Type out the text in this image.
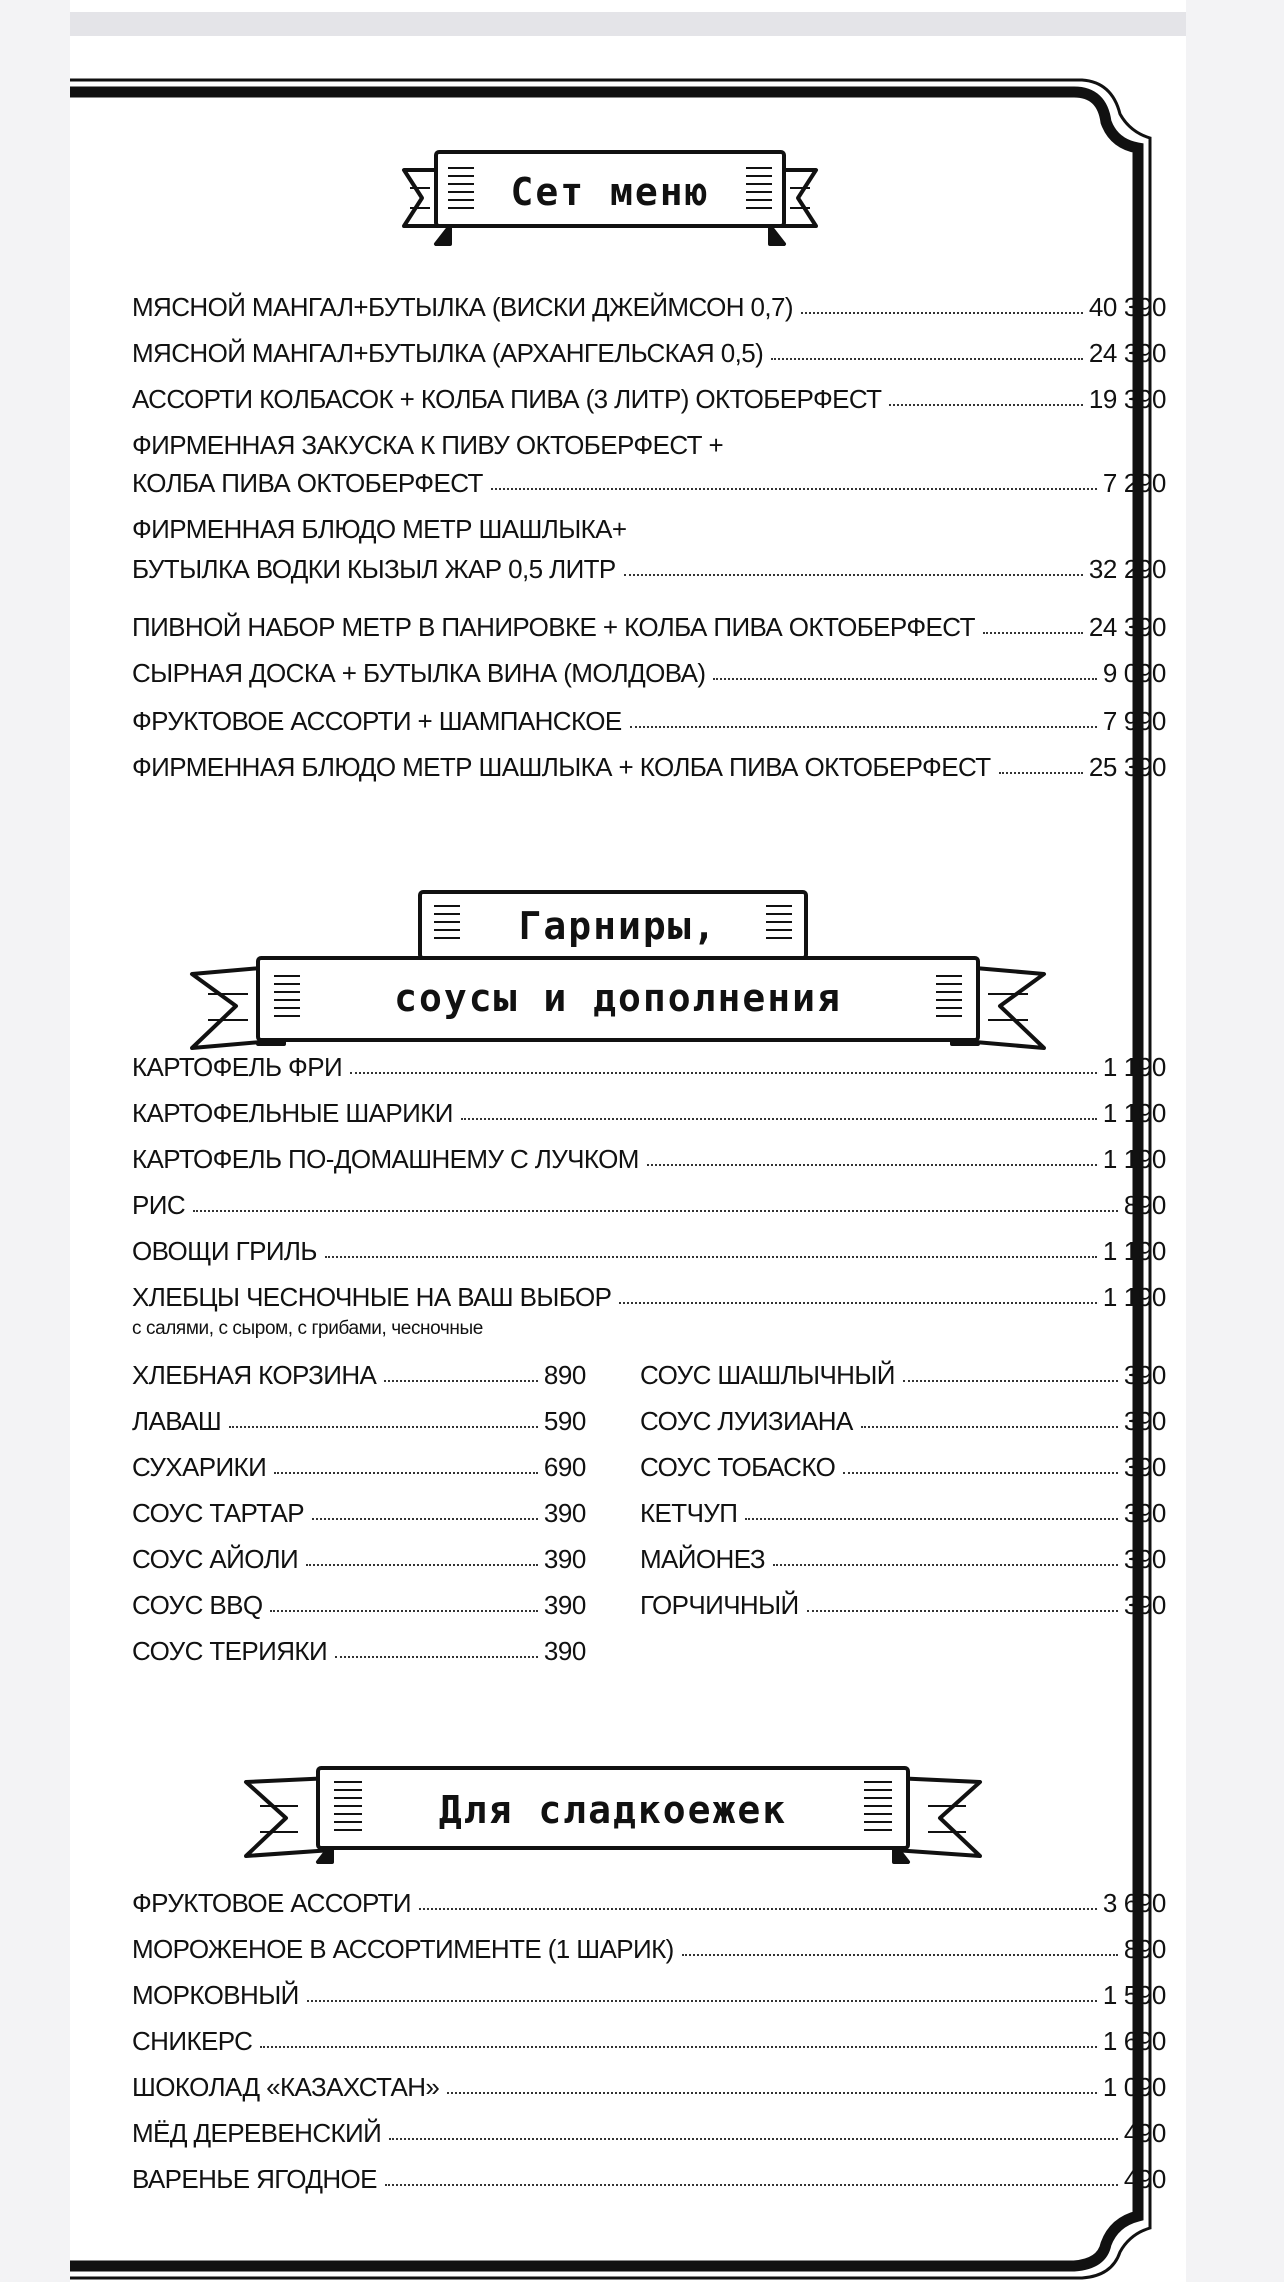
Сет меню
МЯСНОЙ МАНГАЛ+БУТЫЛКА (ВИСКИ ДЖЕЙМСОН 0,7)	40 390
МЯСНОЙ МАНГАЛ+БУТЫЛКА (АРХАНГЕЛЬСКАЯ 0,5)	24 390
АССОРТИ КОЛБАСОК + КОЛБА ПИВА (3 ЛИТР) ОКТОБЕРФЕСТ	19 390
ФИРМЕННАЯ ЗАКУСКА К ПИВУ ОКТОБЕРФЕСТ +
КОЛБА ПИВА ОКТОБЕРФЕСТ	7 290
ФИРМЕННАЯ БЛЮДО МЕТР ШАШЛЫКА+
БУТЫЛКА ВОДКИ КЫЗЫЛ ЖАР 0,5 ЛИТР	32 290
ПИВНОЙ НАБОР МЕТР В ПАНИРОВКЕ + КОЛБА ПИВА ОКТОБЕРФЕСТ	24 390
СЫРНАЯ ДОСКА + БУТЫЛКА ВИНА (МОЛДОВА)	9 090
ФРУКТОВОЕ АССОРТИ + ШАМПАНСКОЕ	7 990
ФИРМЕННАЯ БЛЮДО МЕТР ШАШЛЫКА + КОЛБА ПИВА ОКТОБЕРФЕСТ	25 390
Гарниры,
соусы и дополнения
КАРТОФЕЛЬ ФРИ	1 190
КАРТОФЕЛЬНЫЕ ШАРИКИ	1 190
КАРТОФЕЛЬ ПО-ДОМАШНЕМУ С ЛУЧКОМ	1 190
РИС	890
ОВОЩИ ГРИЛЬ	1 190
ХЛЕБЦЫ ЧЕСНОЧНЫЕ НА ВАШ ВЫБОР	1 190
с салями, с сыром, с грибами, чесночные
ХЛЕБНАЯ КОРЗИНА	890
ЛАВАШ	590
СУХАРИКИ	690
СОУС ТАРТАР	390
СОУС АЙОЛИ	390
СОУС BBQ	390
СОУС ТЕРИЯКИ	390
СОУС ШАШЛЫЧНЫЙ	390
СОУС ЛУИЗИАНА	390
СОУС ТОБАСКО	390
КЕТЧУП	390
МАЙОНЕЗ	390
ГОРЧИЧНЫЙ	390
Для сладкоежек
ФРУКТОВОЕ АССОРТИ	3 690
МОРОЖЕНОЕ В АССОРТИМЕНТЕ (1 ШАРИК)	890
МОРКОВНЫЙ	1 590
СНИКЕРС	1 690
ШОКОЛАД «КАЗАХСТАН»	1 090
МЁД ДЕРЕВЕНСКИЙ	490
ВАРЕНЬЕ ЯГОДНОЕ	490
